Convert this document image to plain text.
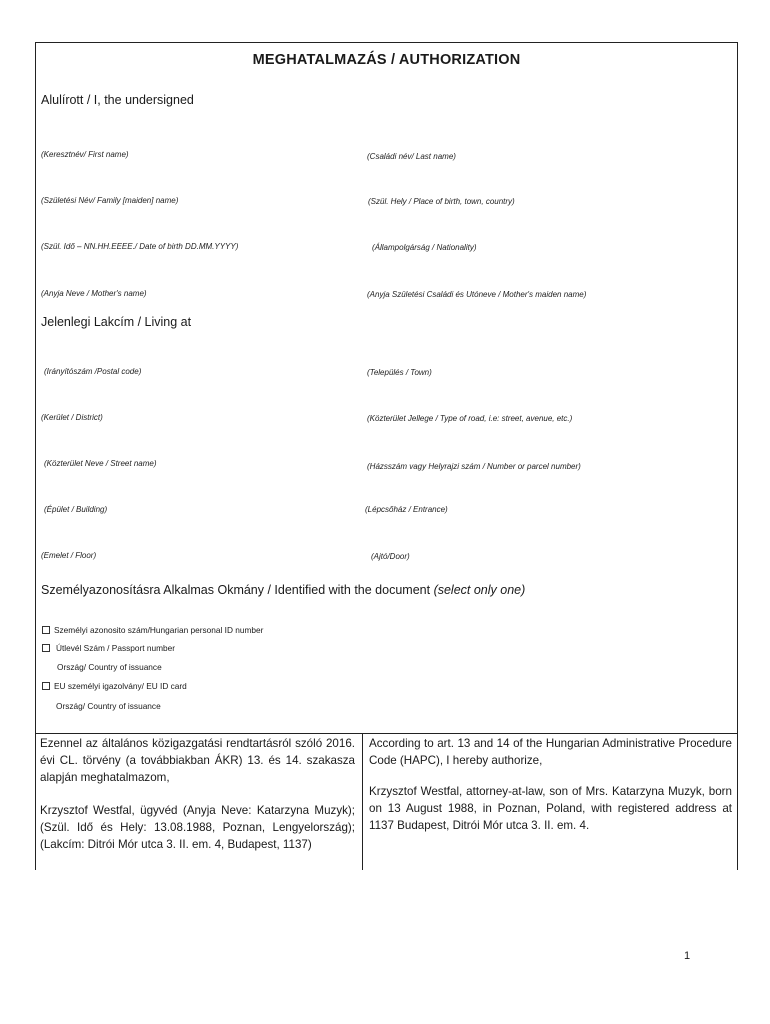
MEGHATALMAZÁS / AUTHORIZATION
Alulírott / I, the undersigned
(Keresztnév/ First name)	(Családi név/ Last name)
(Születési Név/ Family [maiden] name)	(Szül. Hely / Place of birth, town, country)
(Szül. Idő – NN.HH.EEEE./ Date of birth DD.MM.YYYY)	(Állampolgárság / Nationality)
(Anyja Neve / Mother's name)	(Anyja Születési Családi és Utóneve / Mother's maiden name)
Jelenlegi Lakcím / Living at
(Irányítószám /Postal code)	(Település / Town)
(Kerület / District)	(Közterület Jellege / Type of road, i.e: street, avenue, etc.)
(Közterület Neve / Street name)	(Házsszám vagy Helyrajzi szám / Number or parcel number)
(Épület / Building)	(Lépcsőház / Entrance)
(Emelet / Floor)	(Ajtó/Door)
Személyazonosításra Alkalmas Okmány / Identified with the document (select only one)
Személyi azonosito szám/Hungarian personal ID number
Útlevél Szám / Passport number
Ország/ Country of issuance
EU személyi igazolvány/ EU ID card
Ország/ Country of issuance

Ezennel az általános közigazgatási rendtartásról szóló 2016. évi CL. törvény (a továbbiakban ÁKR) 13. és 14. szakasza alapján meghatalmazom,

Krzysztof Westfal, ügyvéd (Anyja Neve: Katarzyna Muzyk); (Szül. Idő és Hely: 13.08.1988, Poznan, Lengyelország); (Lakcím: Ditrói Mór utca 3. II. em. 4, Budapest, 1137)

According to art. 13 and 14 of the Hungarian Administrative Procedure Code (HAPC), I hereby authorize,

Krzysztof Westfal, attorney-at-law, son of Mrs. Katarzyna Muzyk, born on 13 August 1988, in Poznan, Poland, with registered address at 1137 Budapest, Ditrói Mór utca 3. II. em. 4.

1
